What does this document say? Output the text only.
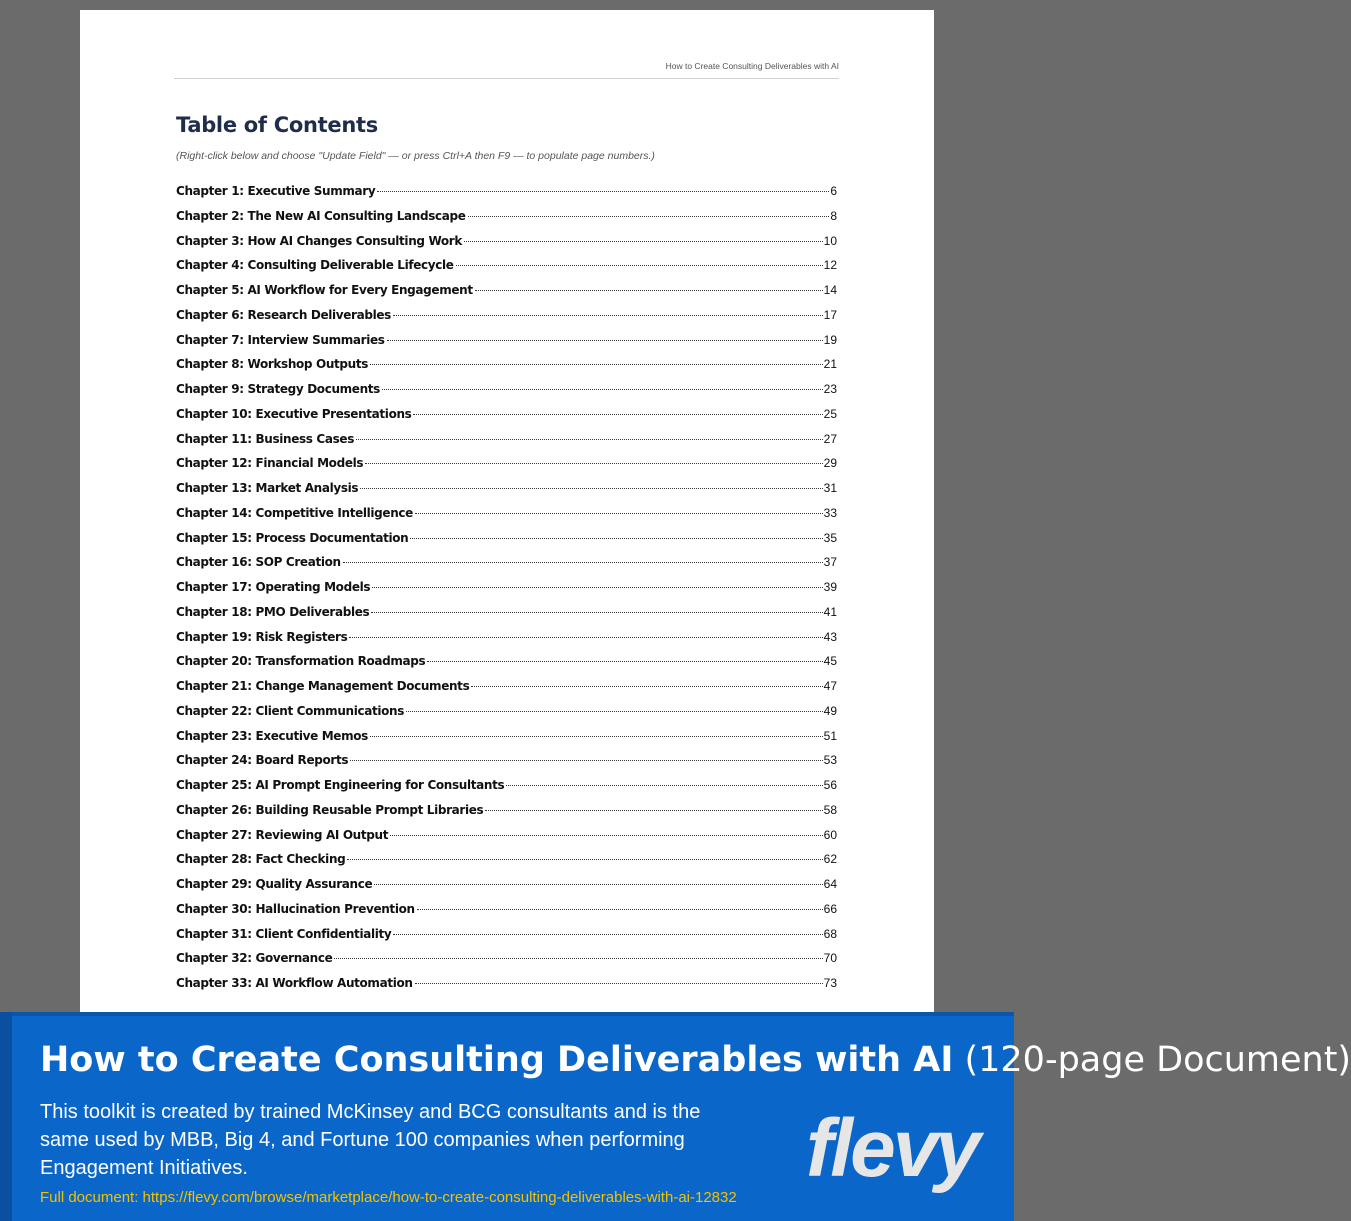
How to Create Consulting Deliverables with AI
Table of Contents
(Right-click below and choose "Update Field" — or press Ctrl+A then F9 — to populate page numbers.)
Chapter 1: Executive Summary	6
Chapter 2: The New AI Consulting Landscape	8
Chapter 3: How AI Changes Consulting Work	10
Chapter 4: Consulting Deliverable Lifecycle	12
Chapter 5: AI Workflow for Every Engagement	14
Chapter 6: Research Deliverables	17
Chapter 7: Interview Summaries	19
Chapter 8: Workshop Outputs	21
Chapter 9: Strategy Documents	23
Chapter 10: Executive Presentations	25
Chapter 11: Business Cases	27
Chapter 12: Financial Models	29
Chapter 13: Market Analysis	31
Chapter 14: Competitive Intelligence	33
Chapter 15: Process Documentation	35
Chapter 16: SOP Creation	37
Chapter 17: Operating Models	39
Chapter 18: PMO Deliverables	41
Chapter 19: Risk Registers	43
Chapter 20: Transformation Roadmaps	45
Chapter 21: Change Management Documents	47
Chapter 22: Client Communications	49
Chapter 23: Executive Memos	51
Chapter 24: Board Reports	53
Chapter 25: AI Prompt Engineering for Consultants	56
Chapter 26: Building Reusable Prompt Libraries	58
Chapter 27: Reviewing AI Output	60
Chapter 28: Fact Checking	62
Chapter 29: Quality Assurance	64
Chapter 30: Hallucination Prevention	66
Chapter 31: Client Confidentiality	68
Chapter 32: Governance	70
Chapter 33: AI Workflow Automation	73
How to Create Consulting Deliverables with AI (120-page Document)
This toolkit is created by trained McKinsey and BCG consultants and is the same used by MBB, Big 4, and Fortune 100 companies when performing Engagement Initiatives.
Full document: https://flevy.com/browse/marketplace/how-to-create-consulting-deliverables-with-ai-12832
flevy
